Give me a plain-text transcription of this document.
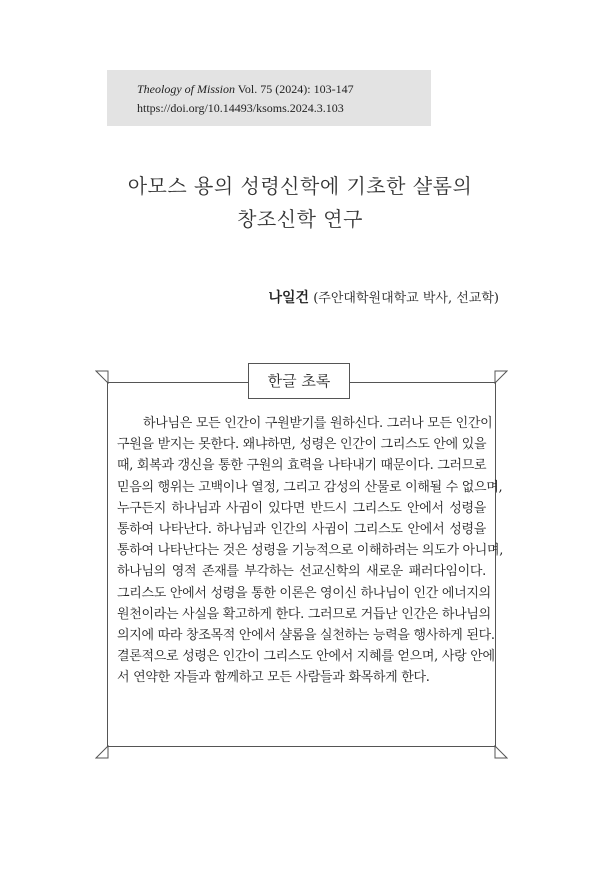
Theology of Mission Vol. 75 (2024): 103-147
https://doi.org/10.14493/ksoms.2024.3.103
아모스 용의 성령신학에 기초한 샬롬의
창조신학 연구
나일건 (주안대학원대학교 박사, 선교학)
한글 초록
하나님은 모든 인간이 구원받기를 원하신다. 그러나 모든 인간이
구원을 받지는 못한다. 왜냐하면, 성령은 인간이 그리스도 안에 있을
때, 회복과 갱신을 통한 구원의 효력을 나타내기 때문이다. 그러므로
믿음의 행위는 고백이나 열정, 그리고 감성의 산물로 이해될 수 없으며,
누구든지 하나님과 사귐이 있다면 반드시 그리스도 안에서 성령을
통하여 나타난다. 하나님과 인간의 사귐이 그리스도 안에서 성령을
통하여 나타난다는 것은 성령을 기능적으로 이해하려는 의도가 아니며,
하나님의 영적 존재를 부각하는 선교신학의 새로운 패러다임이다.
그리스도 안에서 성령을 통한 이론은 영이신 하나님이 인간 에너지의
원천이라는 사실을 확고하게 한다. 그러므로 거듭난 인간은 하나님의
의지에 따라 창조목적 안에서 샬롬을 실천하는 능력을 행사하게 된다.
결론적으로 성령은 인간이 그리스도 안에서 지혜를 얻으며, 사랑 안에
서 연약한 자들과 함께하고 모든 사람들과 화목하게 한다.
